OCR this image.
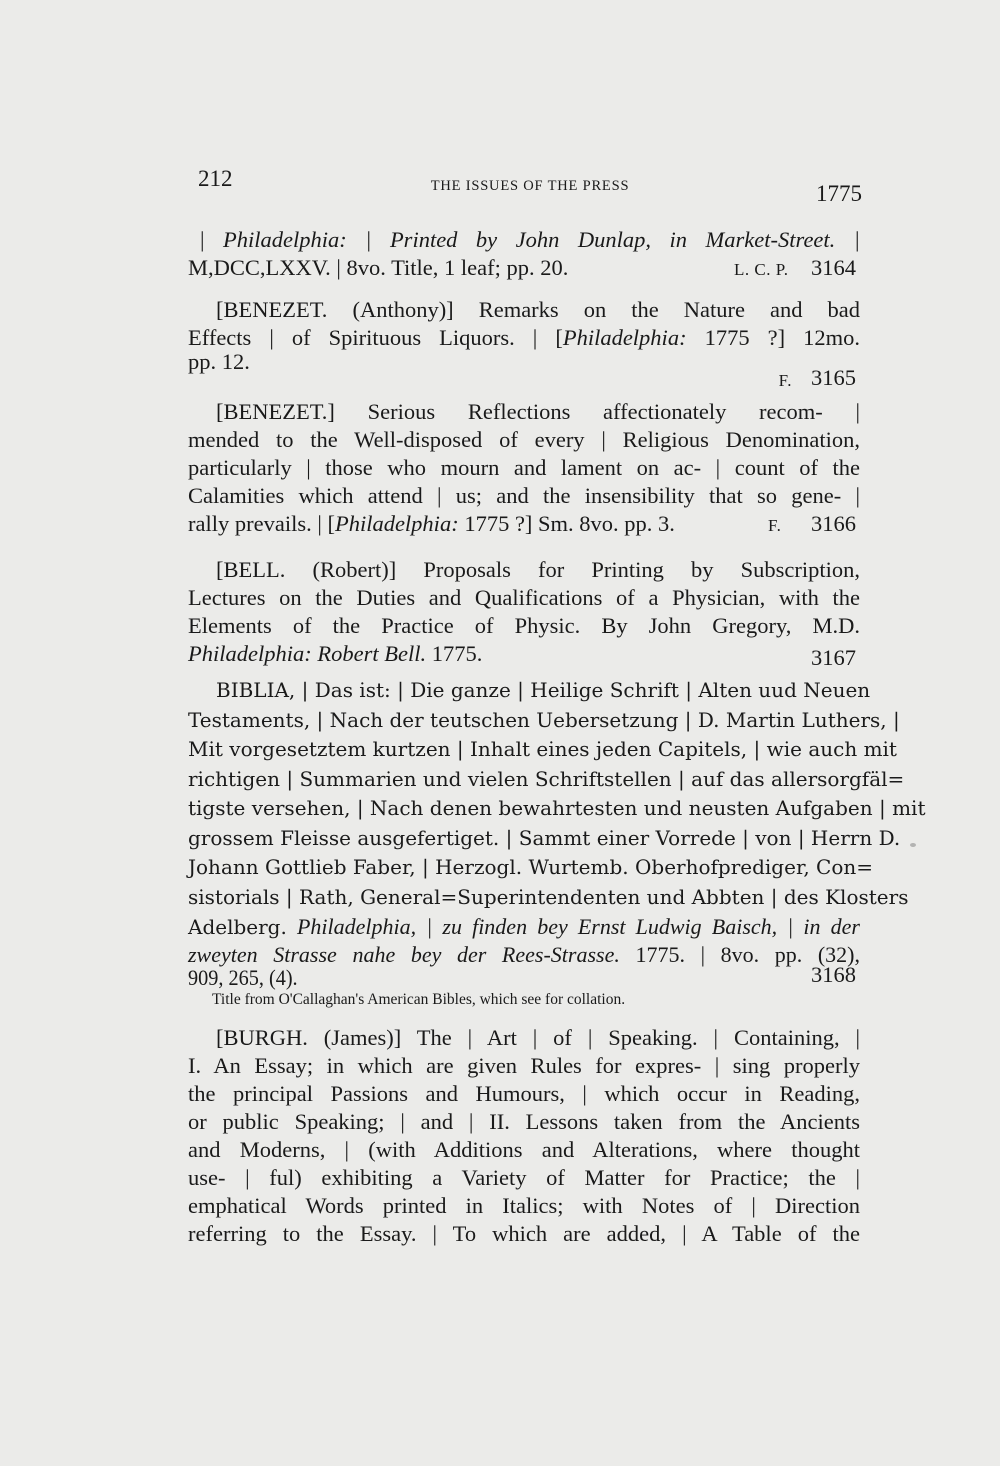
212	THE ISSUES OF THE PRESS	1775
| Philadelphia: | Printed by John Dunlap, in Market-Street. |
M,DCC,LXXV. | 8vo. Title, 1 leaf; pp. 20.	L. C. P. 3164
[BENEZET. (Anthony)] Remarks on the Nature and bad
Effects | of Spirituous Liquors. | [Philadelphia: 1775 ?] 12mo.
pp. 12.
F. 3165
[BENEZET.] Serious Reflections affectionately recom- |
mended to the Well-disposed of every | Religious Denomination,
particularly | those who mourn and lament on ac- | count of the
Calamities which attend | us; and the insensibility that so gene- |
rally prevails. | [Philadelphia: 1775 ?] Sm. 8vo. pp. 3.	F. 3166
[BELL. (Robert)] Proposals for Printing by Subscription,
Lectures on the Duties and Qualifications of a Physician, with the
Elements of the Practice of Physic. By John Gregory, M.D.
Philadelphia: Robert Bell. 1775.	3167
BIBLIA, | Das ist: | Die ganze | Heilige Schrift | Alten uud Neuen
Testaments, | Nach der teutschen Uebersetzung | D. Martin Luthers, |
Mit vorgesetztem kurtzen | Inhalt eines jeden Capitels, | wie auch mit
richtigen | Summarien und vielen Schriftstellen | auf das allersorgfäl=
tigste versehen, | Nach denen bewahrtesten und neusten Aufgaben | mit
grossem Fleisse ausgefertiget. | Sammt einer Vorrede | von | Herrn D.
Johann Gottlieb Faber, | Herzogl. Wurtemb. Oberhofprediger, Con=
sistorials | Rath, General=Superintendenten und Abbten | des Klosters
Adelberg. Philadelphia, | zu finden bey Ernst Ludwig Baisch, | in der
zweyten Strasse nahe bey der Rees-Strasse. 1775. | 8vo. pp. (32),
909, 265, (4).	3168
Title from O'Callaghan's American Bibles, which see for collation.
[BURGH. (James)] The | Art | of | Speaking. | Containing, |
I. An Essay; in which are given Rules for expres- | sing properly
the principal Passions and Humours, | which occur in Reading,
or public Speaking; | and | II. Lessons taken from the Ancients
and Moderns, | (with Additions and Alterations, where thought
use- | ful) exhibiting a Variety of Matter for Practice; the |
emphatical Words printed in Italics; with Notes of | Direction
referring to the Essay. | To which are added, | A Table of the
